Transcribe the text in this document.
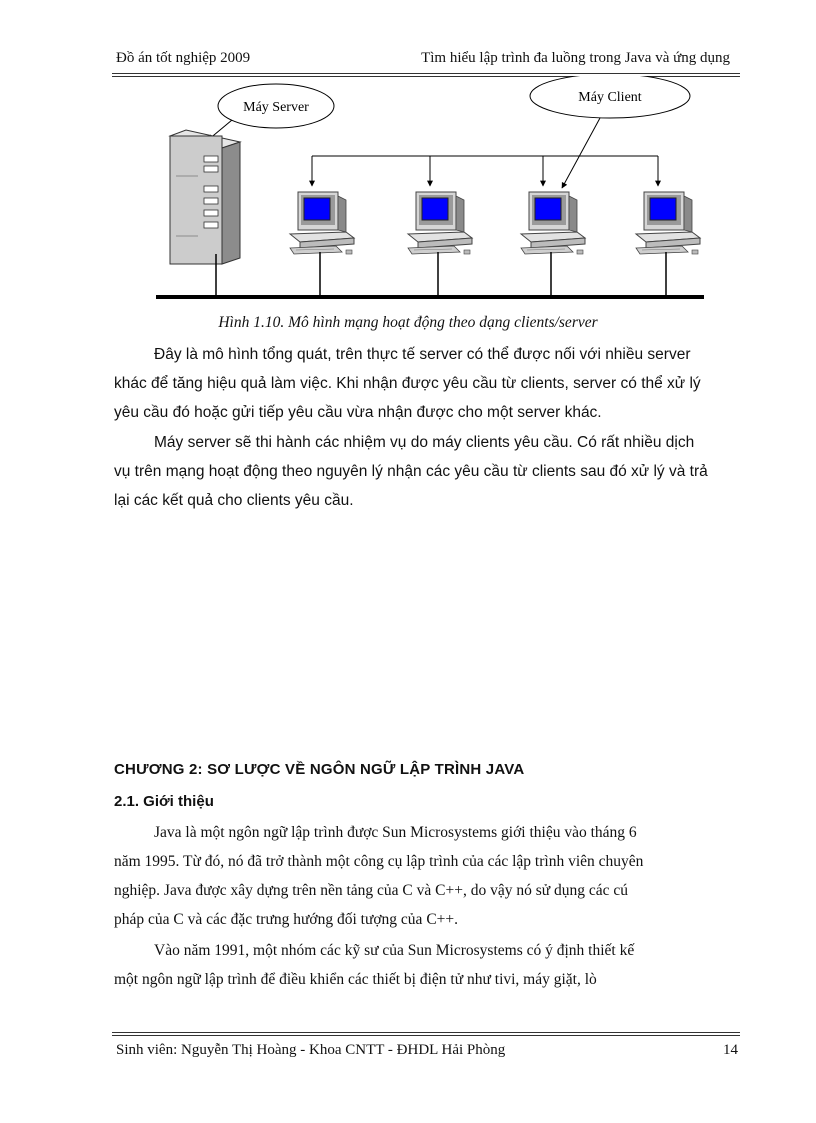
Đồ án tốt nghiệp 2009	Tìm hiểu lập trình đa luồng trong Java và ứng dụng
Máy Server
Máy Client
Hình 1.10. Mô hình mạng hoạt động theo dạng clients/server
Đây là mô hình tổng quát, trên thực tế server có thể được nối với nhiều server
khác để tăng hiệu quả làm việc. Khi nhận được yêu cầu từ clients, server có thể xử lý
yêu cầu đó hoặc gửi tiếp yêu cầu vừa nhận được cho một server khác.
Máy server sẽ thi hành các nhiệm vụ do máy clients yêu cầu. Có rất nhiều dịch
vụ trên mạng hoạt động theo nguyên lý nhận các yêu cầu từ clients sau đó xử lý và trả
lại các kết quả cho clients yêu cầu.
CHƯƠNG 2: SƠ LƯỢC VỀ NGÔN NGỮ LẬP TRÌNH JAVA
2.1. Giới thiệu
Java là một ngôn ngữ lập trình được Sun Microsystems giới thiệu vào tháng 6
năm 1995. Từ đó, nó đã trở thành một công cụ lập trình của các lập trình viên chuyên
nghiệp. Java được xây dựng trên nền tảng của C và C++, do vậy nó sử dụng các cú
pháp của C và các đặc trưng hướng đối tượng của C++.
Vào năm 1991, một nhóm các kỹ sư của Sun Microsystems có ý định thiết kế
một ngôn ngữ lập trình để điều khiển các thiết bị điện tử như tivi, máy giặt, lò
Sinh viên: Nguyễn Thị Hoàng - Khoa CNTT - ĐHDL Hải Phòng	14
